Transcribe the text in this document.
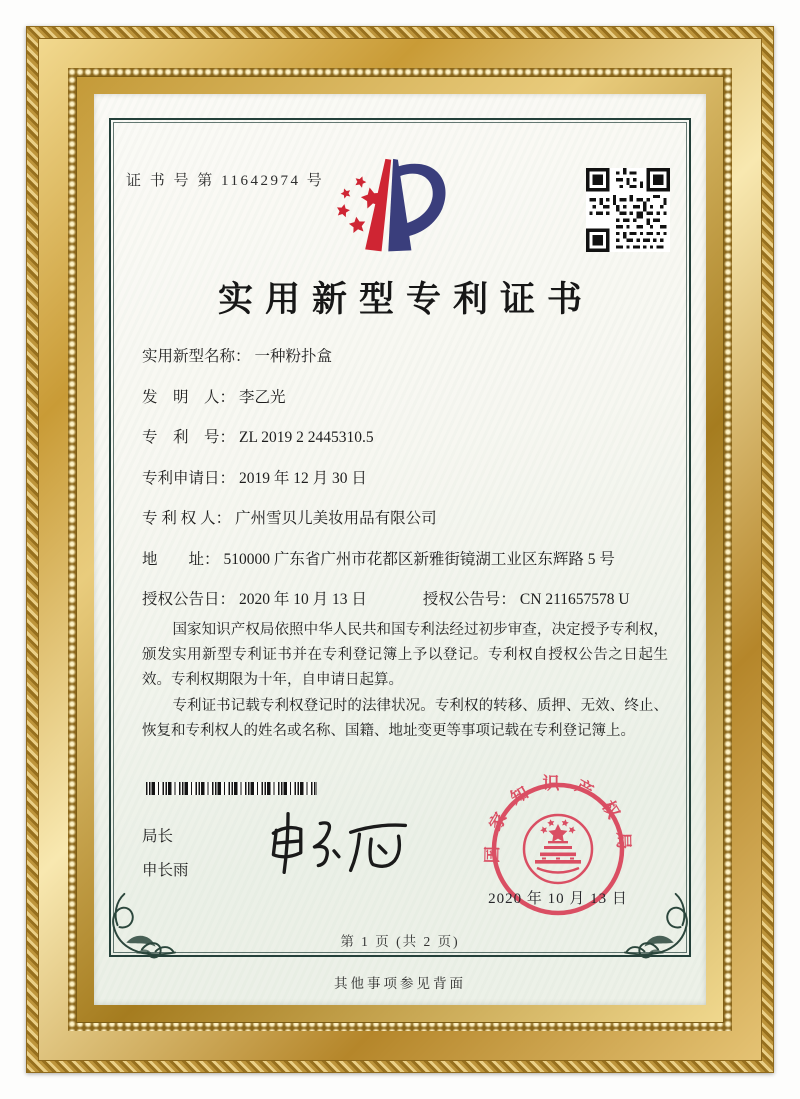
证 书 号 第 11642974 号
实用新型专利证书
实用新型名称： 一种粉扑盒
发　明　人： 李乙光
专　利　号： ZL 2019 2 2445310.5
专利申请日： 2019 年 12 月 30 日
专 利 权 人： 广州雪贝儿美妆用品有限公司
地　　址： 510000 广东省广州市花都区新雅街镜湖工业区东辉路 5 号
授权公告日： 2020 年 10 月 13 日	授权公告号： CN 211657578 U

国家知识产权局依照中华人民共和国专利法经过初步审查，决定授予专利权，颁发实用新型专利证书并在专利登记簿上予以登记。专利权自授权公告之日起生效。专利权期限为十年，自申请日起算。

专利证书记载专利权登记时的法律状况。专利权的转移、质押、无效、终止、恢复和专利权人的姓名或名称、国籍、地址变更等事项记载在专利登记簿上。

局长
申长雨
国家知识产权局
2020 年 10 月 13 日
第 1 页 (共 2 页)
其他事项参见背面
